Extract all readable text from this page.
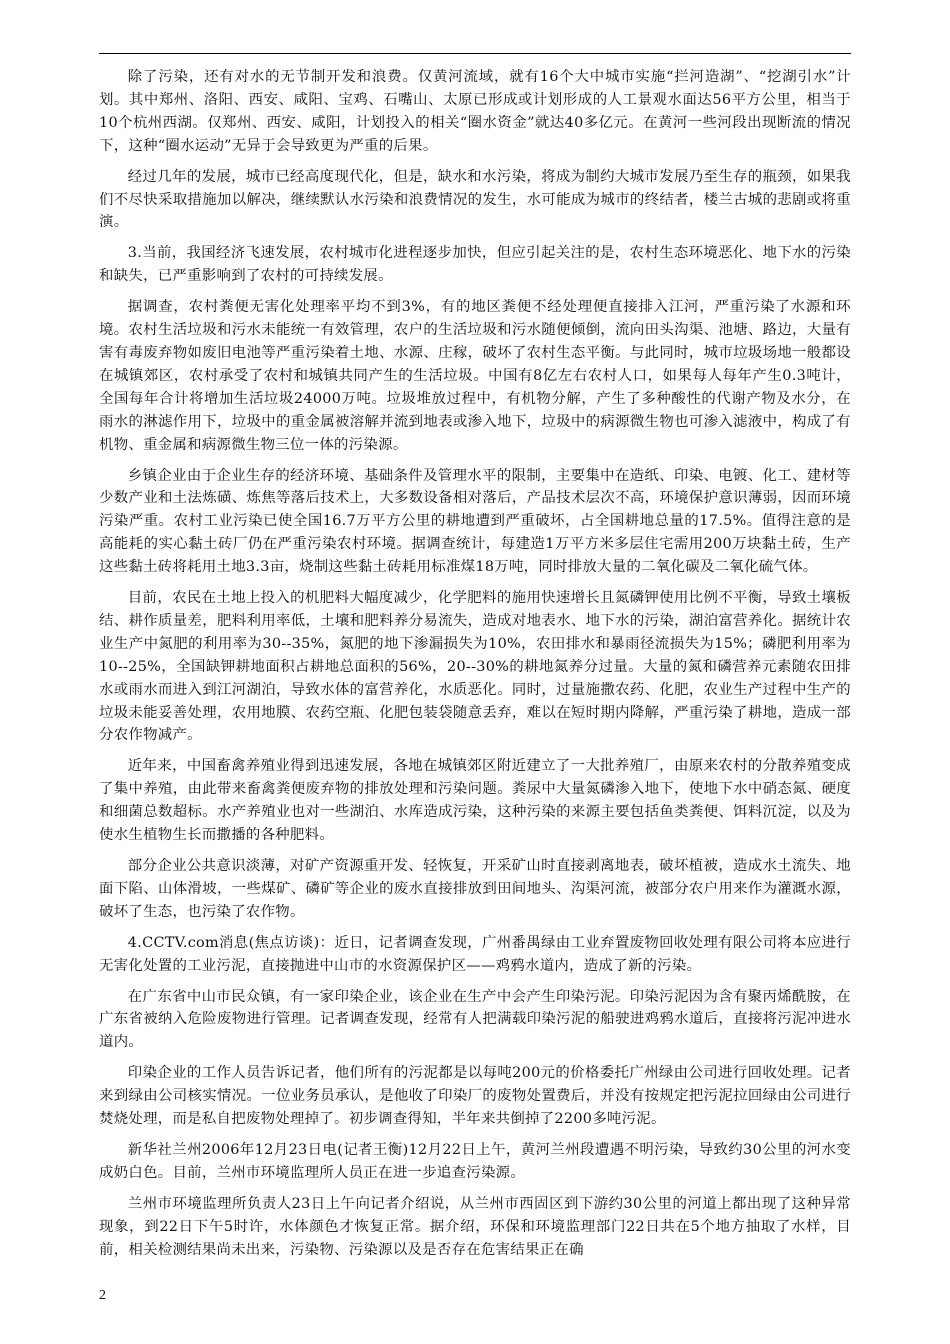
除了污染，还有对水的无节制开发和浪费。仅黄河流域，就有16个大中城市实施“拦河造湖”、“挖湖引水”计划。其中郑州、洛阳、西安、咸阳、宝鸡、石嘴山、太原已形成或计划形成的人工景观水面达56平方公里，相当于10个杭州西湖。仅郑州、西安、咸阳，计划投入的相关“圈水资金”就达40多亿元。在黄河一些河段出现断流的情况下，这种“圈水运动”无异于会导致更为严重的后果。

经过几年的发展，城市已经高度现代化，但是，缺水和水污染，将成为制约大城市发展乃至生存的瓶颈，如果我们不尽快采取措施加以解决，继续默认水污染和浪费情况的发生，水可能成为城市的终结者，楼兰古城的悲剧或将重演。

3.当前，我国经济飞速发展，农村城市化进程逐步加快，但应引起关注的是，农村生态环境恶化、地下水的污染和缺失，已严重影响到了农村的可持续发展。

据调查，农村粪便无害化处理率平均不到3%，有的地区粪便不经处理便直接排入江河，严重污染了水源和环境。农村生活垃圾和污水未能统一有效管理，农户的生活垃圾和污水随便倾倒，流向田头沟渠、池塘、路边，大量有害有毒废弃物如废旧电池等严重污染着土地、水源、庄稼，破坏了农村生态平衡。与此同时，城市垃圾场地一般都设在城镇郊区，农村承受了农村和城镇共同产生的生活垃圾。中国有8亿左右农村人口，如果每人每年产生0.3吨计，全国每年合计将增加生活垃圾24000万吨。垃圾堆放过程中，有机物分解，产生了多种酸性的代谢产物及水分，在雨水的淋滤作用下，垃圾中的重金属被溶解并流到地表或渗入地下，垃圾中的病源微生物也可渗入滤液中，构成了有机物、重金属和病源微生物三位一体的污染源。

乡镇企业由于企业生存的经济环境、基础条件及管理水平的限制，主要集中在造纸、印染、电镀、化工、建材等少数产业和土法炼磺、炼焦等落后技术上，大多数设备相对落后，产品技术层次不高，环境保护意识薄弱，因而环境污染严重。农村工业污染已使全国16.7万平方公里的耕地遭到严重破坏，占全国耕地总量的17.5%。值得注意的是高能耗的实心黏土砖厂仍在严重污染农村环境。据调查统计，每建造1万平方米多层住宅需用200万块黏土砖，生产这些黏土砖将耗用土地3.3亩，烧制这些黏土砖耗用标准煤18万吨，同时排放大量的二氧化碳及二氧化硫气体。

目前，农民在土地上投入的机肥料大幅度减少，化学肥料的施用快速增长且氮磷钾使用比例不平衡，导致土壤板结、耕作质量差，肥料利用率低，土壤和肥料养分易流失，造成对地表水、地下水的污染，湖泊富营养化。据统计农业生产中氮肥的利用率为30--35%，氮肥的地下渗漏损失为10%，农田排水和暴雨径流损失为15%；磷肥利用率为10--25%，全国缺钾耕地面积占耕地总面积的56%，20--30%的耕地氮养分过量。大量的氮和磷营养元素随农田排水或雨水而进入到江河湖泊，导致水体的富营养化，水质恶化。同时，过量施撒农药、化肥，农业生产过程中生产的垃圾未能妥善处理，农用地膜、农药空瓶、化肥包装袋随意丢弃，难以在短时期内降解，严重污染了耕地，造成一部分农作物减产。

近年来，中国畜禽养殖业得到迅速发展，各地在城镇郊区附近建立了一大批养殖厂，由原来农村的分散养殖变成了集中养殖，由此带来畜禽粪便废弃物的排放处理和污染问题。粪尿中大量氮磷渗入地下，使地下水中硝态氮、硬度和细菌总数超标。水产养殖业也对一些湖泊、水库造成污染，这种污染的来源主要包括鱼类粪便、饵料沉淀，以及为使水生植物生长而撒播的各种肥料。

部分企业公共意识淡薄，对矿产资源重开发、轻恢复，开采矿山时直接剥离地表，破坏植被，造成水土流失、地面下陷、山体滑坡，一些煤矿、磷矿等企业的废水直接排放到田间地头、沟渠河流，被部分农户用来作为灌溉水源，破坏了生态，也污染了农作物。

4.CCTV.com消息(焦点访谈)：近日，记者调查发现，广州番禺绿由工业弃置废物回收处理有限公司将本应进行无害化处置的工业污泥，直接抛进中山市的水资源保护区——鸡鸦水道内，造成了新的污染。

在广东省中山市民众镇，有一家印染企业，该企业在生产中会产生印染污泥。印染污泥因为含有聚丙烯酰胺，在广东省被纳入危险废物进行管理。记者调查发现，经常有人把满载印染污泥的船驶进鸡鸦水道后，直接将污泥冲进水道内。

印染企业的工作人员告诉记者，他们所有的污泥都是以每吨200元的价格委托广州绿由公司进行回收处理。记者来到绿由公司核实情况。一位业务员承认，是他收了印染厂的废物处置费后，并没有按规定把污泥拉回绿由公司进行焚烧处理，而是私自把废物处理掉了。初步调查得知，半年来共倒掉了2200多吨污泥。

新华社兰州2006年12月23日电(记者王衡)12月22日上午，黄河兰州段遭遇不明污染，导致约30公里的河水变成奶白色。目前，兰州市环境监理所人员正在进一步追查污染源。

兰州市环境监理所负责人23日上午向记者介绍说，从兰州市西固区到下游约30公里的河道上都出现了这种异常现象，到22日下午5时许，水体颜色才恢复正常。据介绍，环保和环境监理部门22日共在5个地方抽取了水样，目前，相关检测结果尚未出来，污染物、污染源以及是否存在危害结果正在确

2
